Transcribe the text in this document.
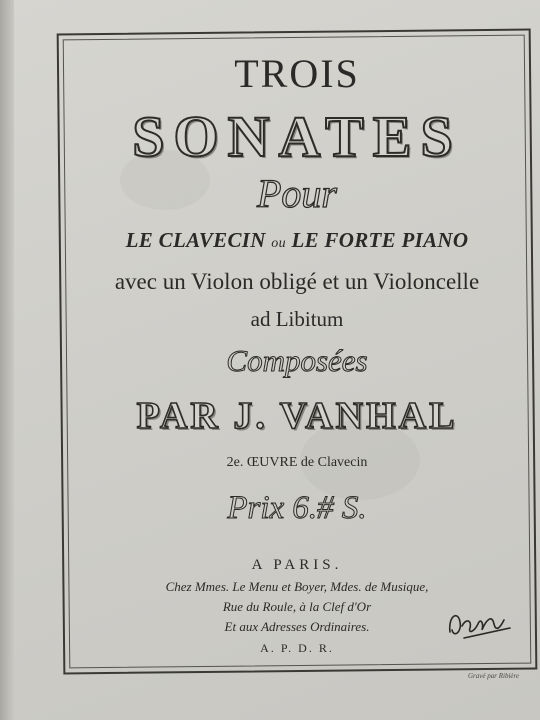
TROIS
SONATES
Pour
LE CLAVECIN ou LE FORTE PIANO
avec un Violon obligé et un Violoncelle
ad Libitum
Composées
PAR J. VANHAL
2e. ŒUVRE de Clavecin
Prix 6.# S.
A PARIS.
Chez Mmes. Le Menu et Boyer, Mdes. de Musique,
Rue du Roule, à la Clef d'Or
Et aux Adresses Ordinaires.
A. P. D. R.
Gravé par Ribière
